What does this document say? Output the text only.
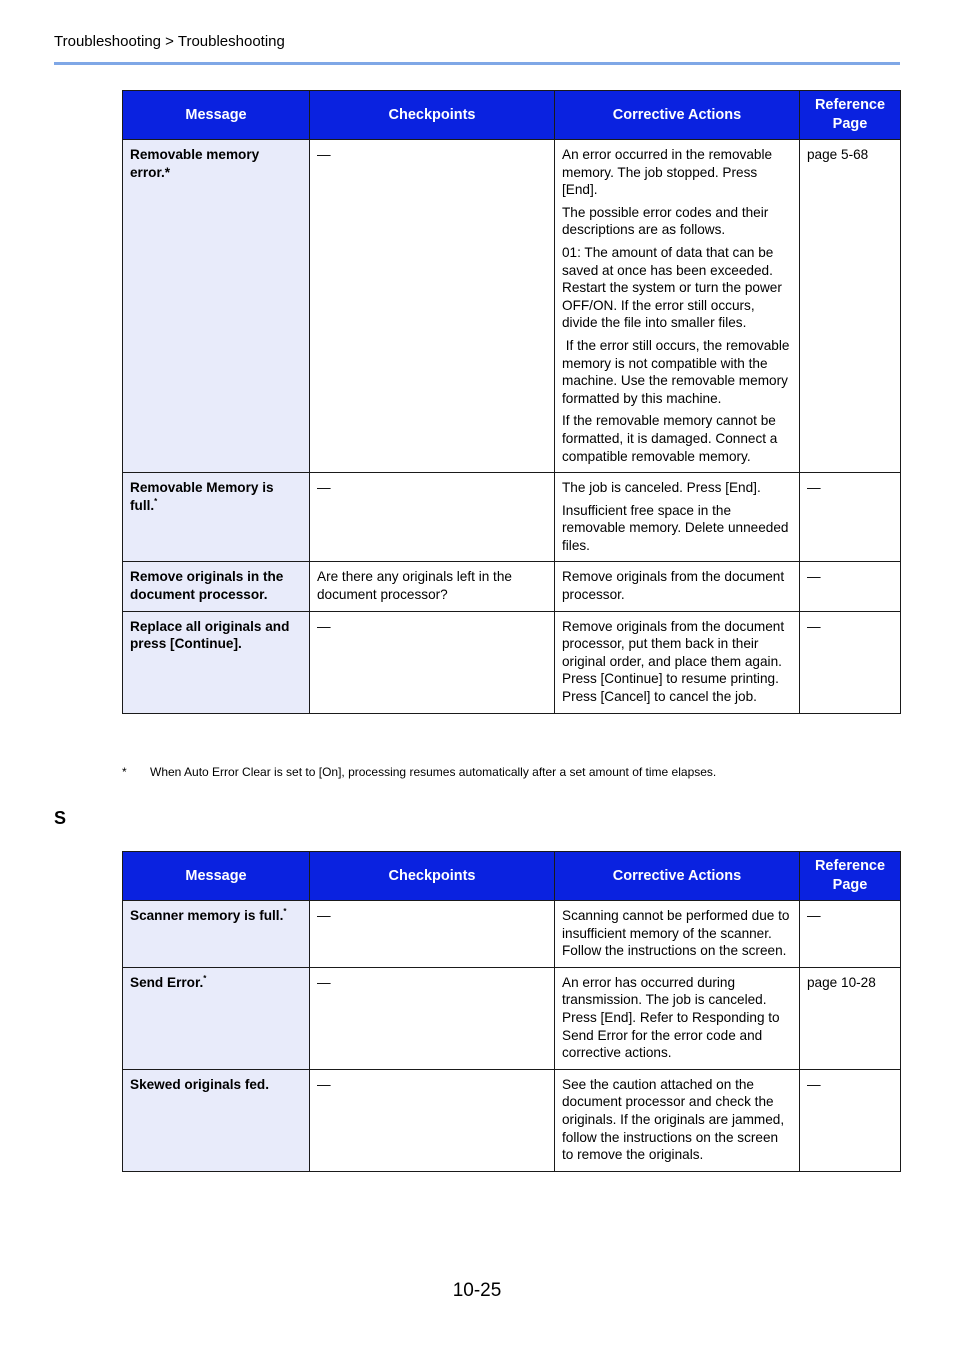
Troubleshooting > Troubleshooting
Message	Checkpoints	Corrective Actions	Reference Page
Removable memory error.*	—	An error occurred in the removable memory. The job stopped. Press [End].

The possible error codes and their descriptions are as follows.

01: The amount of data that can be saved at once has been exceeded. Restart the system or turn the power OFF/ON. If the error still occurs, divide the file into smaller files.

If the error still occurs, the removable memory is not compatible with the machine. Use the removable memory formatted by this machine.

If the removable memory cannot be formatted, it is damaged. Connect a compatible removable memory.	page 5-68
Removable Memory is full.*	—	The job is canceled. Press [End].

Insufficient free space in the removable memory. Delete unneeded files.	—
Remove originals in the document processor.	Are there any originals left in the document processor?	Remove originals from the document processor.	—
Replace all originals and press [Continue].	—	Remove originals from the document processor, put them back in their original order, and place them again. Press [Continue] to resume printing. Press [Cancel] to cancel the job.	—
* When Auto Error Clear is set to [On], processing resumes automatically after a set amount of time elapses.
S
Message	Checkpoints	Corrective Actions	Reference Page
Scanner memory is full.*	—	Scanning cannot be performed due to insufficient memory of the scanner. Follow the instructions on the screen.	—
Send Error.*	—	An error has occurred during transmission. The job is canceled. Press [End]. Refer to Responding to Send Error for the error code and corrective actions.	page 10-28
Skewed originals fed.	—	See the caution attached on the document processor and check the originals. If the originals are jammed, follow the instructions on the screen to remove the originals.	—
10-25
